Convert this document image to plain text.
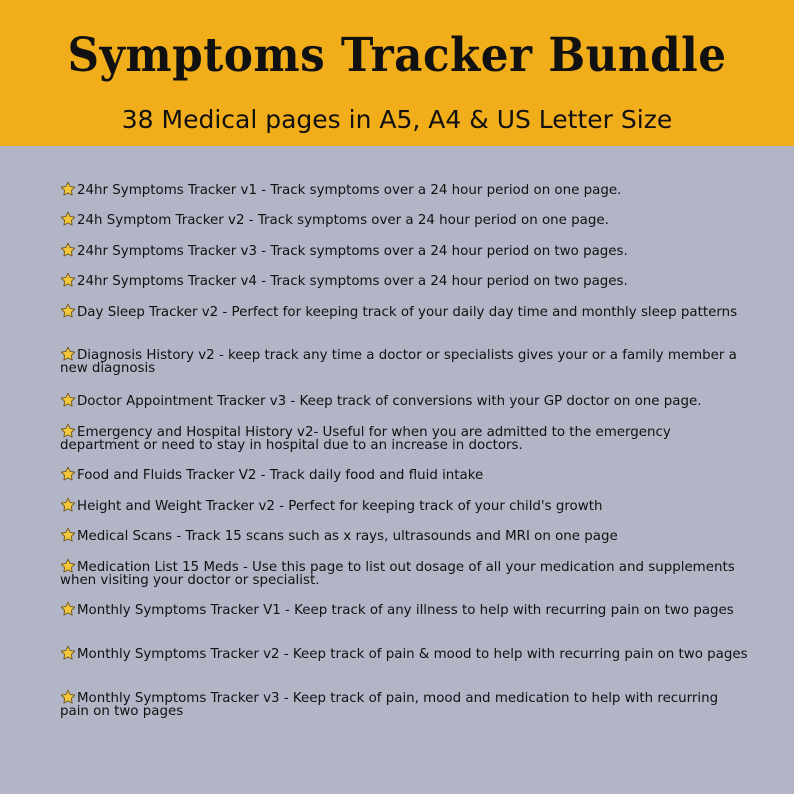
Symptoms Tracker Bundle
38 Medical pages in A5, A4 & US Letter Size
24hr Symptoms Tracker v1 - Track symptoms over a 24 hour period on one page.
24h Symptom Tracker v2 - Track symptoms over a 24 hour period on one page.
24hr Symptoms Tracker v3 - Track symptoms over a 24 hour period on two pages.
24hr Symptoms Tracker v4 - Track symptoms over a 24 hour period on two pages.
Day Sleep Tracker v2 - Perfect for keeping track of your daily day time and monthly sleep patterns
Diagnosis History v2 - keep track any time a doctor or specialists gives your or a family member a new diagnosis
Doctor Appointment Tracker v3 - Keep track of conversions with your GP doctor on one page.
Emergency and Hospital History v2- Useful for when you are admitted to the emergency department or need to stay in hospital due to an increase in doctors.
Food and Fluids Tracker V2 - Track daily food and fluid intake
Height and Weight Tracker v2 - Perfect for keeping track of your child's growth
Medical Scans - Track 15 scans such as x rays, ultrasounds and MRI on one page
Medication List 15 Meds - Use this page to list out dosage of all your medication and supplements when visiting your doctor or specialist.
Monthly Symptoms Tracker V1 - Keep track of any illness to help with recurring pain on two pages
Monthly Symptoms Tracker v2 - Keep track of pain & mood to help with recurring pain on two pages
Monthly Symptoms Tracker v3 - Keep track of pain, mood and medication to help with recurring pain on two pages
